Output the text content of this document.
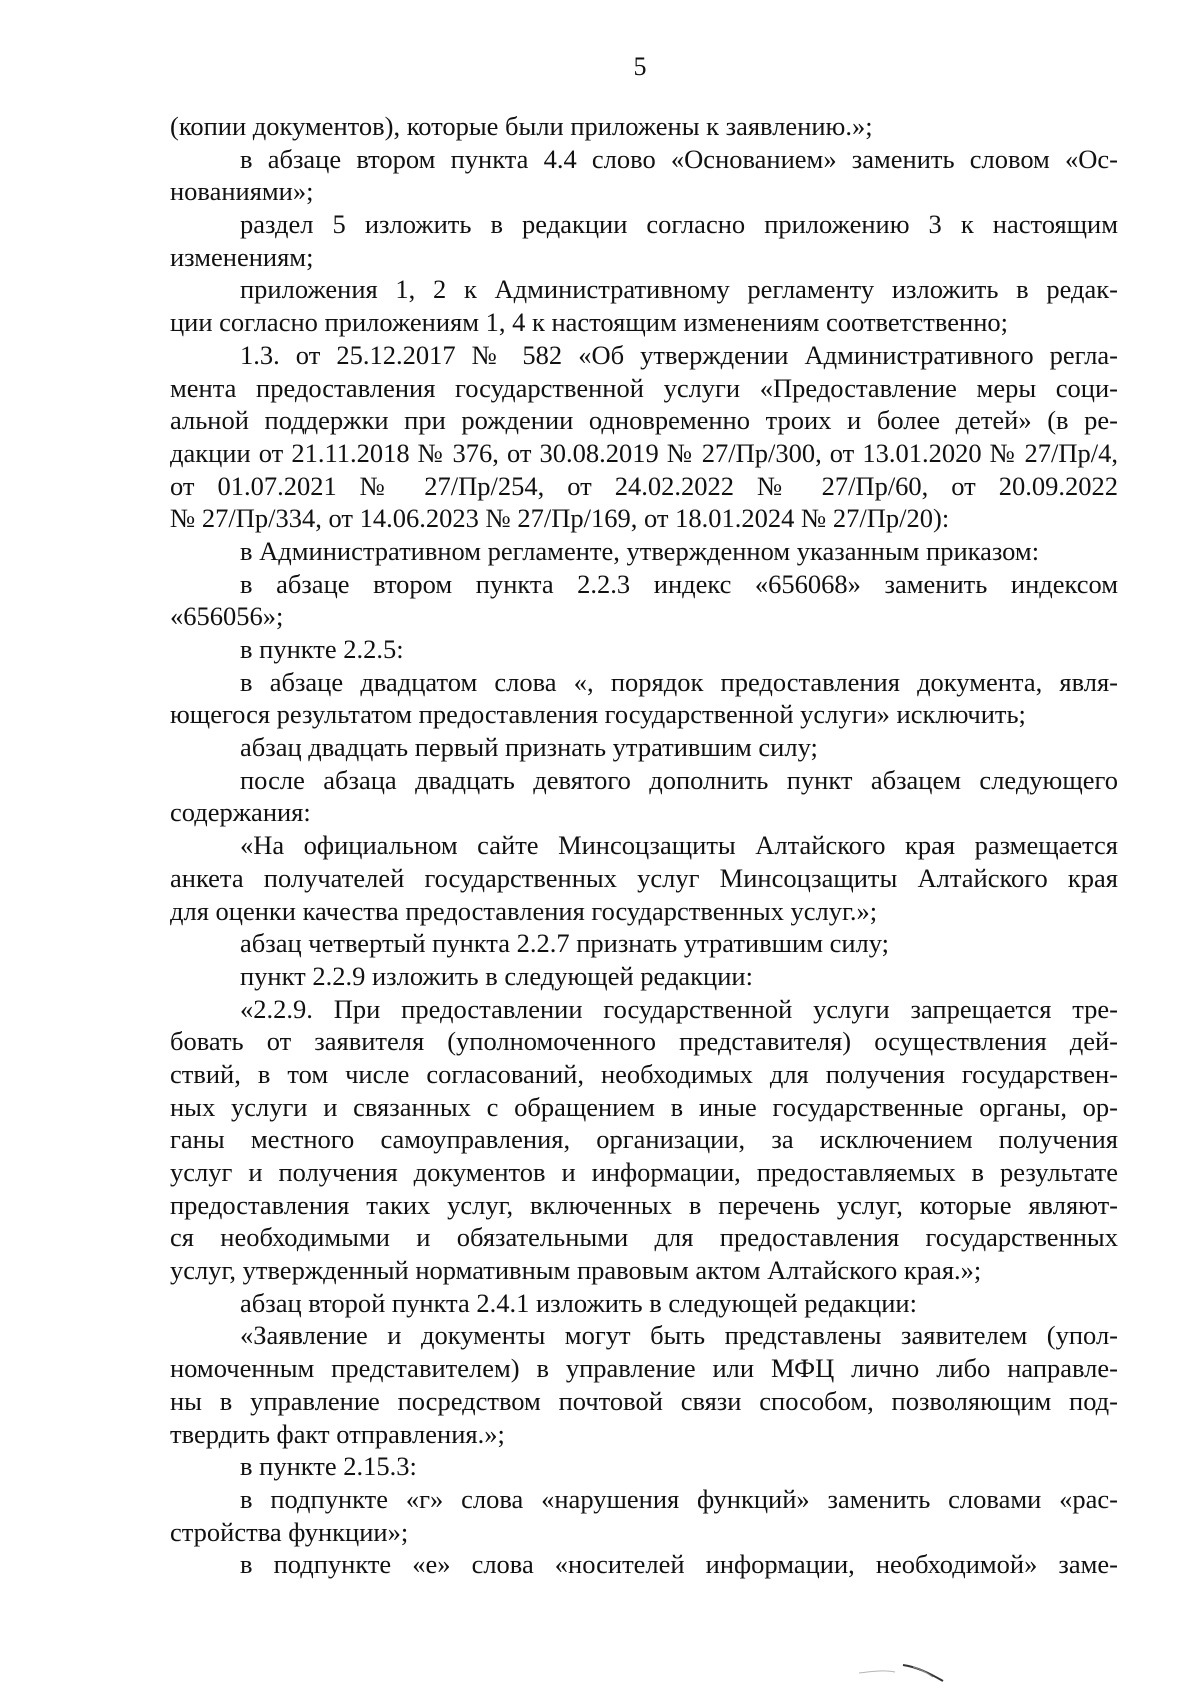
5
(копии документов), которые были приложены к заявлению.»;
в абзаце втором пункта 4.4 слово «Основанием» заменить словом «Ос-
нованиями»;
раздел 5 изложить в редакции согласно приложению 3 к настоящим
изменениям;
приложения 1, 2 к Административному регламенту изложить в редак-
ции согласно приложениям 1, 4 к настоящим изменениям соответственно;
1.3. от 25.12.2017 № 582 «Об утверждении Административного регла-
мента предоставления государственной услуги «Предоставление меры соци-
альной поддержки при рождении одновременно троих и более детей» (в ре-
дакции от 21.11.2018 № 376, от 30.08.2019 № 27/Пр/300, от 13.01.2020 № 27/Пр/4,
от 01.07.2021 № 27/Пр/254, от 24.02.2022 № 27/Пр/60, от 20.09.2022
№ 27/Пр/334, от 14.06.2023 № 27/Пр/169, от 18.01.2024 № 27/Пр/20):
в Административном регламенте, утвержденном указанным приказом:
в абзаце втором пункта 2.2.3 индекс «656068» заменить индексом
«656056»;
в пункте 2.2.5:
в абзаце двадцатом слова «, порядок предоставления документа, явля-
ющегося результатом предоставления государственной услуги» исключить;
абзац двадцать первый признать утратившим силу;
после абзаца двадцать девятого дополнить пункт абзацем следующего
содержания:
«На официальном сайте Минсоцзащиты Алтайского края размещается
анкета получателей государственных услуг Минсоцзащиты Алтайского края
для оценки качества предоставления государственных услуг.»;
абзац четвертый пункта 2.2.7 признать утратившим силу;
пункт 2.2.9 изложить в следующей редакции:
«2.2.9. При предоставлении государственной услуги запрещается тре-
бовать от заявителя (уполномоченного представителя) осуществления дей-
ствий, в том числе согласований, необходимых для получения государствен-
ных услуги и связанных с обращением в иные государственные органы, ор-
ганы местного самоуправления, организации, за исключением получения
услуг и получения документов и информации, предоставляемых в результате
предоставления таких услуг, включенных в перечень услуг, которые являют-
ся необходимыми и обязательными для предоставления государственных
услуг, утвержденный нормативным правовым актом Алтайского края.»;
абзац второй пункта 2.4.1 изложить в следующей редакции:
«Заявление и документы могут быть представлены заявителем (упол-
номоченным представителем) в управление или МФЦ лично либо направле-
ны в управление посредством почтовой связи способом, позволяющим под-
твердить факт отправления.»;
в пункте 2.15.3:
в подпункте «г» слова «нарушения функций» заменить словами «рас-
стройства функции»;
в подпункте «е» слова «носителей информации, необходимой» заме-
